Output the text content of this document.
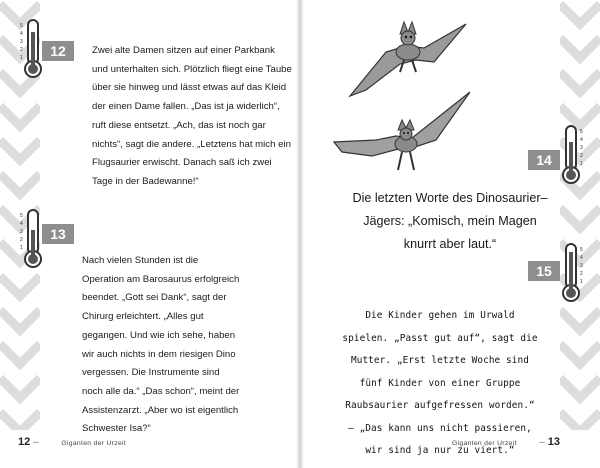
5
4
3
2
1	12
5
4
3
2
1
13

Zwei alte Damen sitzen auf einer Parkbank und unterhalten sich. Plötzlich fliegt eine Taube über sie hinweg und lässt etwas auf das Kleid der einen Dame fallen. „Das ist ja widerlich“, ruft diese entsetzt. „Ach, das ist noch gar nichts“, sagt die andere. „Letztens hat mich ein Flugsaurier erwischt. Danach saß ich zwei Tage in der Badewanne!“

Nach vielen Stunden ist die Operation am Barosaurus erfolgreich beendet. „Gott sei Dank“, sagt der Chirurg erleichtert. „Alles gut gegangen. Und wie ich sehe, haben wir auch nichts in dem riesigen Dino vergessen. Die Instrumente sind noch alle da.“ „Das schon“, meint der Assistenzarzt. „Aber wo ist eigentlich Schwester Isa?“

5
4
3
2
1
14
5
4
3
2
1
15

Die letzten Worte des Dinosaurier–Jägers: „Komisch, mein Magen knurrt aber laut.“

Die Kinder gehen im Urwald spielen. „Passt gut auf“, sagt die Mutter. „Erst letzte Woche sind fünf Kinder von einer Gruppe Raubsaurier aufgefressen worden.“ – „Das kann uns nicht passieren, wir sind ja nur zu viert.“

12 –	Giganten der Urzeit	Giganten der Urzeit – 13
